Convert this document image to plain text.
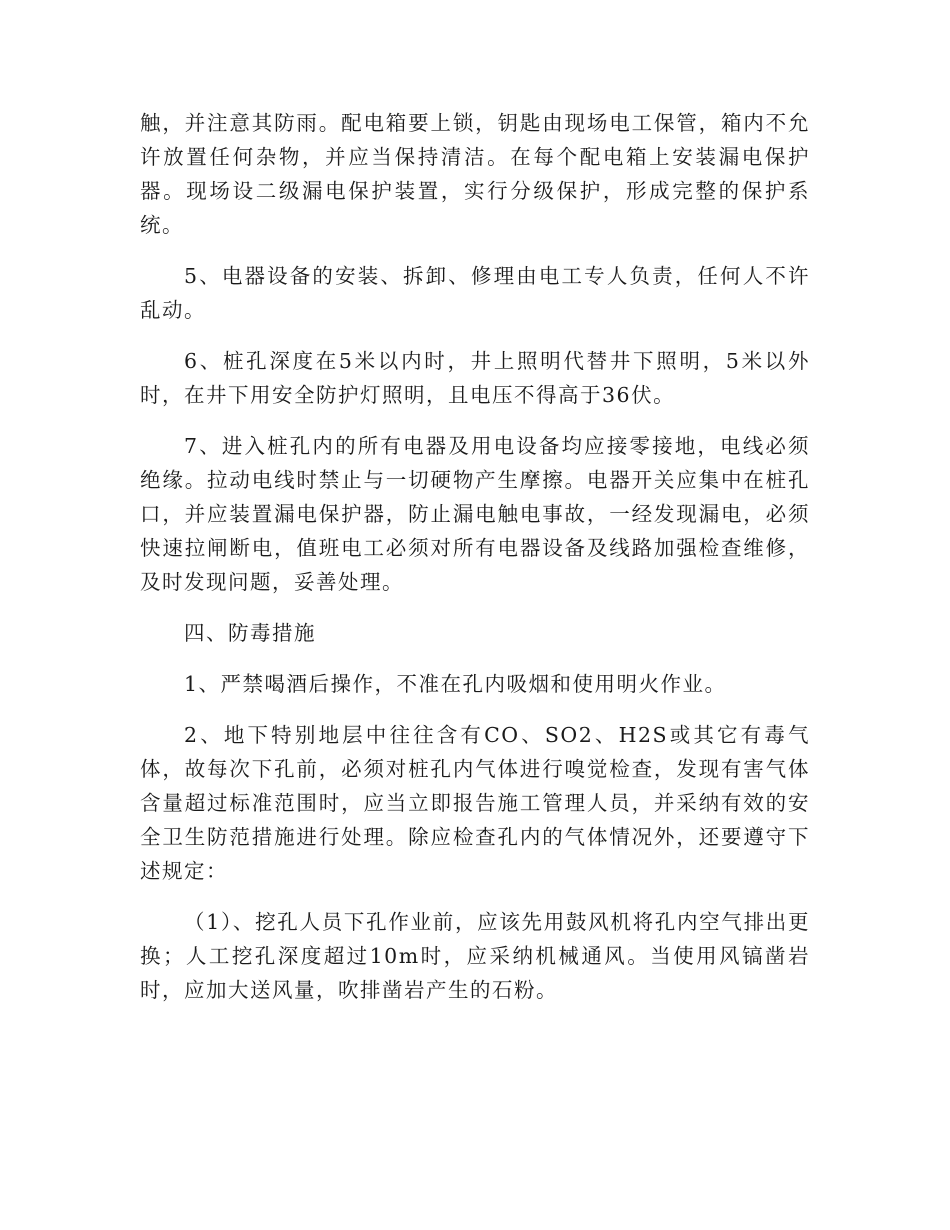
触，并注意其防雨。配电箱要上锁，钥匙由现场电工保管，箱内不允许放置任何杂物，并应当保持清洁。在每个配电箱上安装漏电保护器。现场设二级漏电保护装置，实行分级保护，形成完整的保护系统。

5、电器设备的安装、拆卸、修理由电工专人负责，任何人不许乱动。

6、桩孔深度在5米以内时，井上照明代替井下照明，5米以外时，在井下用安全防护灯照明，且电压不得高于36伏。

7、进入桩孔内的所有电器及用电设备均应接零接地，电线必须绝缘。拉动电线时禁止与一切硬物产生摩擦。电器开关应集中在桩孔口，并应装置漏电保护器，防止漏电触电事故，一经发现漏电，必须快速拉闸断电，值班电工必须对所有电器设备及线路加强检查维修，及时发现问题，妥善处理。

四、防毒措施

1、严禁喝酒后操作，不准在孔内吸烟和使用明火作业。

2、地下特别地层中往往含有CO、SO2、H2S或其它有毒气体，故每次下孔前，必须对桩孔内气体进行嗅觉检查，发现有害气体含量超过标准范围时，应当立即报告施工管理人员，并采纳有效的安全卫生防范措施进行处理。除应检查孔内的气体情况外，还要遵守下述规定：

（1）、挖孔人员下孔作业前，应该先用鼓风机将孔内空气排出更换；人工挖孔深度超过10m时，应采纳机械通风。当使用风镐凿岩时，应加大送风量，吹排凿岩产生的石粉。
